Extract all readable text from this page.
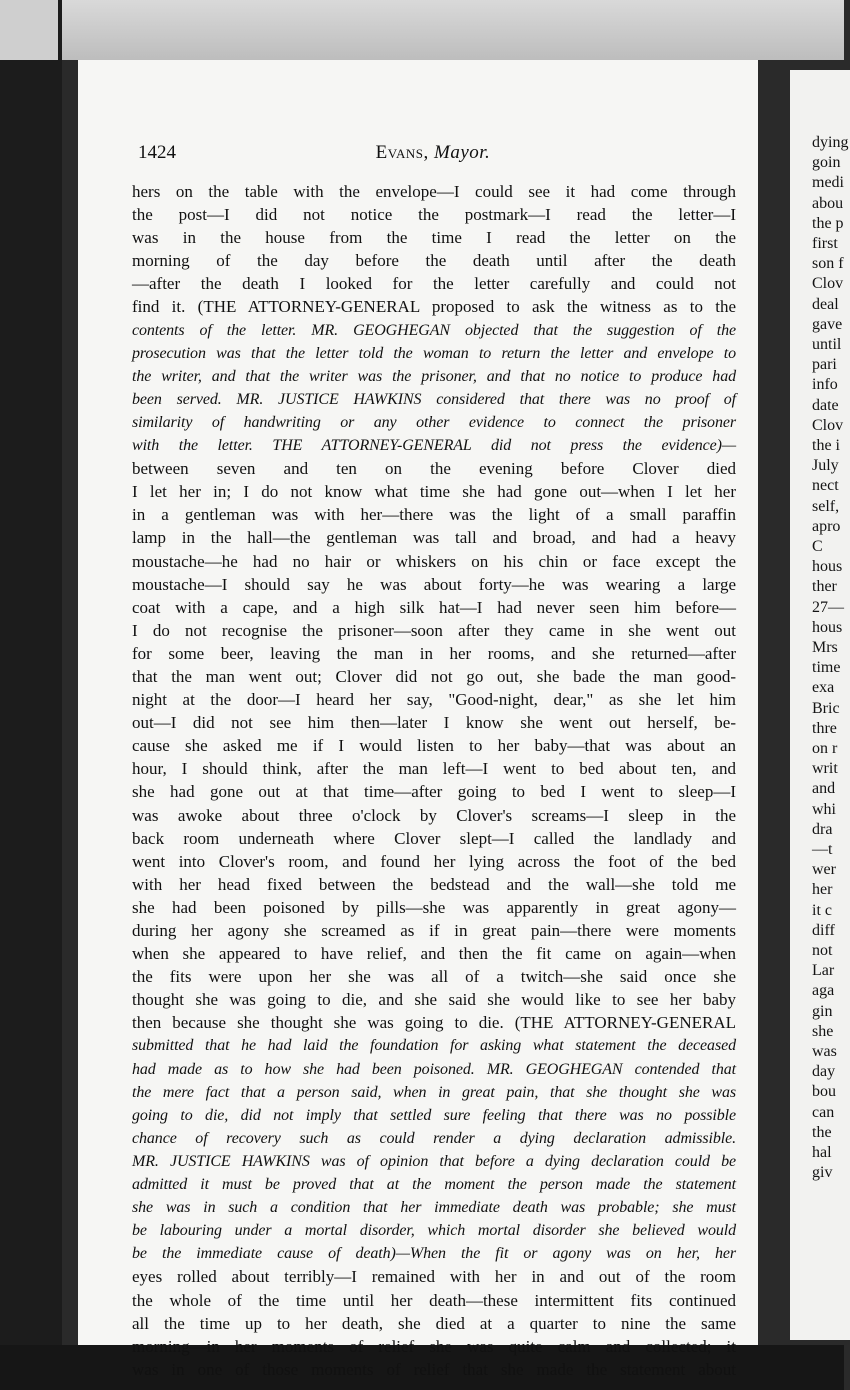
dying
goin
medi
abou
the p
first
son f
Clov
deal
gave
until
pari
info
date
Clov
the i
July
nect
self,
apro
C
hous
ther
27—
hous
Mrs
time
exa
Bric
thre
on r
writ
and
whi
dra
—t
wer
her
it c
diff
not
Lar
aga
gin
she
was
day
bou
can
the
hal
giv
1424	Evans, Mayor.
hers on the table with the envelope—I could see it had come through
the post—I did not notice the postmark—I read the letter—I
was in the house from the time I read the letter on the
morning of the day before the death until after the death
—after the death I looked for the letter carefully and could not
find it. (THE ATTORNEY-GENERAL proposed to ask the witness as to the
contents of the letter. MR. GEOGHEGAN objected that the suggestion of the
prosecution was that the letter told the woman to return the letter and envelope to
the writer, and that the writer was the prisoner, and that no notice to produce had
been served. MR. JUSTICE HAWKINS considered that there was no proof of
similarity of handwriting or any other evidence to connect the prisoner
with the letter. THE ATTORNEY-GENERAL did not press the evidence)—
between seven and ten on the evening before Clover died
I let her in; I do not know what time she had gone out—when I let her
in a gentleman was with her—there was the light of a small paraffin
lamp in the hall—the gentleman was tall and broad, and had a heavy
moustache—he had no hair or whiskers on his chin or face except the
moustache—I should say he was about forty—he was wearing a large
coat with a cape, and a high silk hat—I had never seen him before—
I do not recognise the prisoner—soon after they came in she went out
for some beer, leaving the man in her rooms, and she returned—after
that the man went out; Clover did not go out, she bade the man good-
night at the door—I heard her say, "Good-night, dear," as she let him
out—I did not see him then—later I know she went out herself, be-
cause she asked me if I would listen to her baby—that was about an
hour, I should think, after the man left—I went to bed about ten, and
she had gone out at that time—after going to bed I went to sleep—I
was awoke about three o'clock by Clover's screams—I sleep in the
back room underneath where Clover slept—I called the landlady and
went into Clover's room, and found her lying across the foot of the bed
with her head fixed between the bedstead and the wall—she told me
she had been poisoned by pills—she was apparently in great agony—
during her agony she screamed as if in great pain—there were moments
when she appeared to have relief, and then the fit came on again—when
the fits were upon her she was all of a twitch—she said once she
thought she was going to die, and she said she would like to see her baby
then because she thought she was going to die. (THE ATTORNEY-GENERAL
submitted that he had laid the foundation for asking what statement the deceased
had made as to how she had been poisoned. MR. GEOGHEGAN contended that
the mere fact that a person said, when in great pain, that she thought she was
going to die, did not imply that settled sure feeling that there was no possible
chance of recovery such as could render a dying declaration admissible.
MR. JUSTICE HAWKINS was of opinion that before a dying declaration could be
admitted it must be proved that at the moment the person made the statement
she was in such a condition that her immediate death was probable; she must
be labouring under a mortal disorder, which mortal disorder she believed would
be the immediate cause of death)—When the fit or agony was on her, her
eyes rolled about terribly—I remained with her in and out of the room
the whole of the time until her death—these intermittent fits continued
all the time up to her death, she died at a quarter to nine the same
morning—in her moments of relief she was quite calm and collected; it
was in one of those moments of relief that she made the statement about
